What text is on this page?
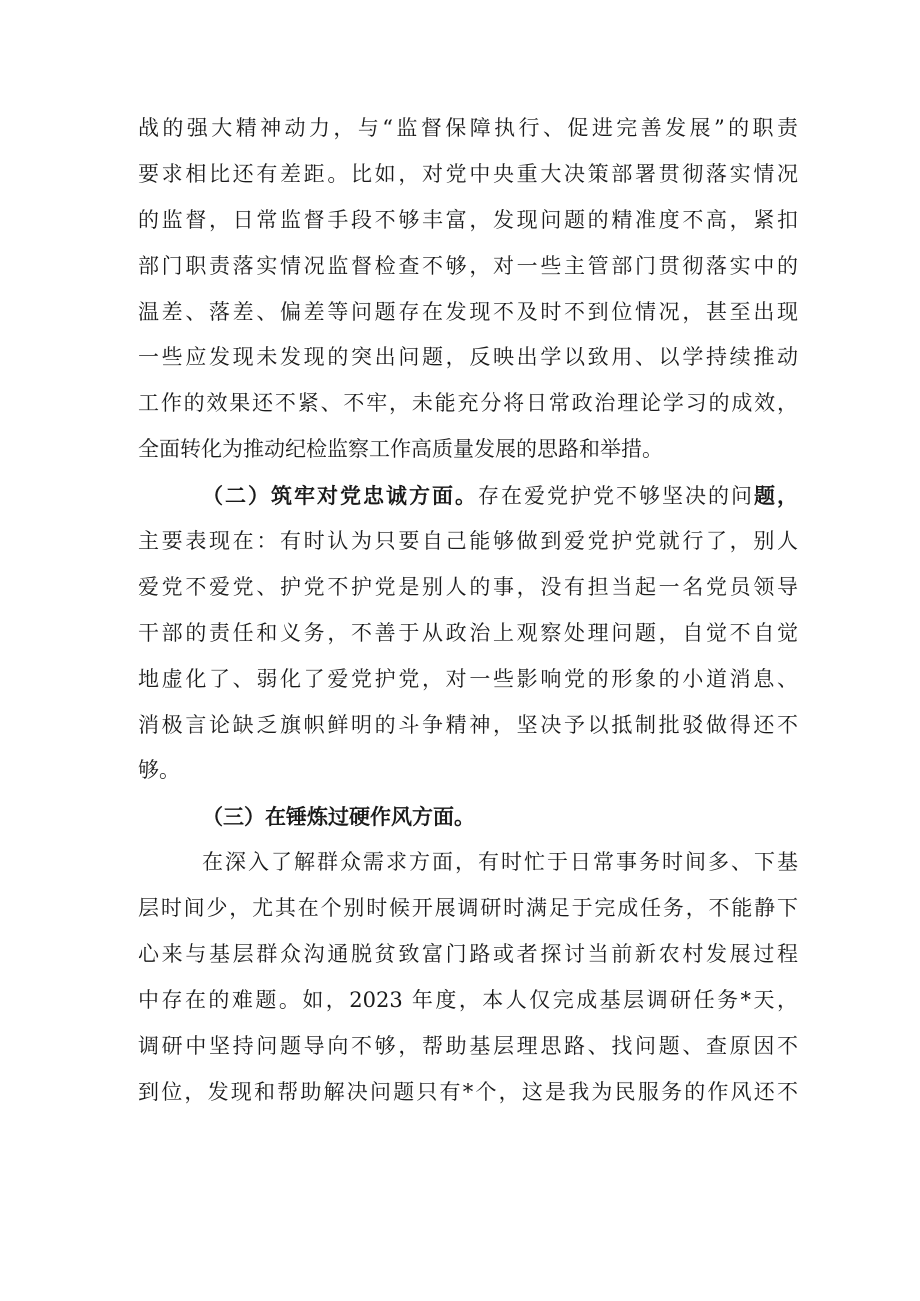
战的强大精神动力，与“监督保障执行、促进完善发展”的职责
要求相比还有差距。比如，对党中央重大决策部署贯彻落实情况
的监督，日常监督手段不够丰富，发现问题的精准度不高，紧扣
部门职责落实情况监督检查不够，对一些主管部门贯彻落实中的
温差、落差、偏差等问题存在发现不及时不到位情况，甚至出现
一些应发现未发现的突出问题，反映出学以致用、以学持续推动
工作的效果还不紧、不牢，未能充分将日常政治理论学习的成效，
全面转化为推动纪检监察工作高质量发展的思路和举措。
（二）筑牢对党忠诚方面。存在爱党护党不够坚决的问题，
主要表现在：有时认为只要自己能够做到爱党护党就行了，别人
爱党不爱党、护党不护党是别人的事，没有担当起一名党员领导
干部的责任和义务，不善于从政治上观察处理问题，自觉不自觉
地虚化了、弱化了爱党护党，对一些影响党的形象的小道消息、
消极言论缺乏旗帜鲜明的斗争精神，坚决予以抵制批驳做得还不
够。
（三）在锤炼过硬作风方面。
在深入了解群众需求方面，有时忙于日常事务时间多、下基
层时间少，尤其在个别时候开展调研时满足于完成任务，不能静下
心来与基层群众沟通脱贫致富门路或者探讨当前新农村发展过程
中存在的难题。如，2023 年度，本人仅完成基层调研任务*天，
调研中坚持问题导向不够，帮助基层理思路、找问题、查原因不
到位，发现和帮助解决问题只有*个，这是我为民服务的作风还不
